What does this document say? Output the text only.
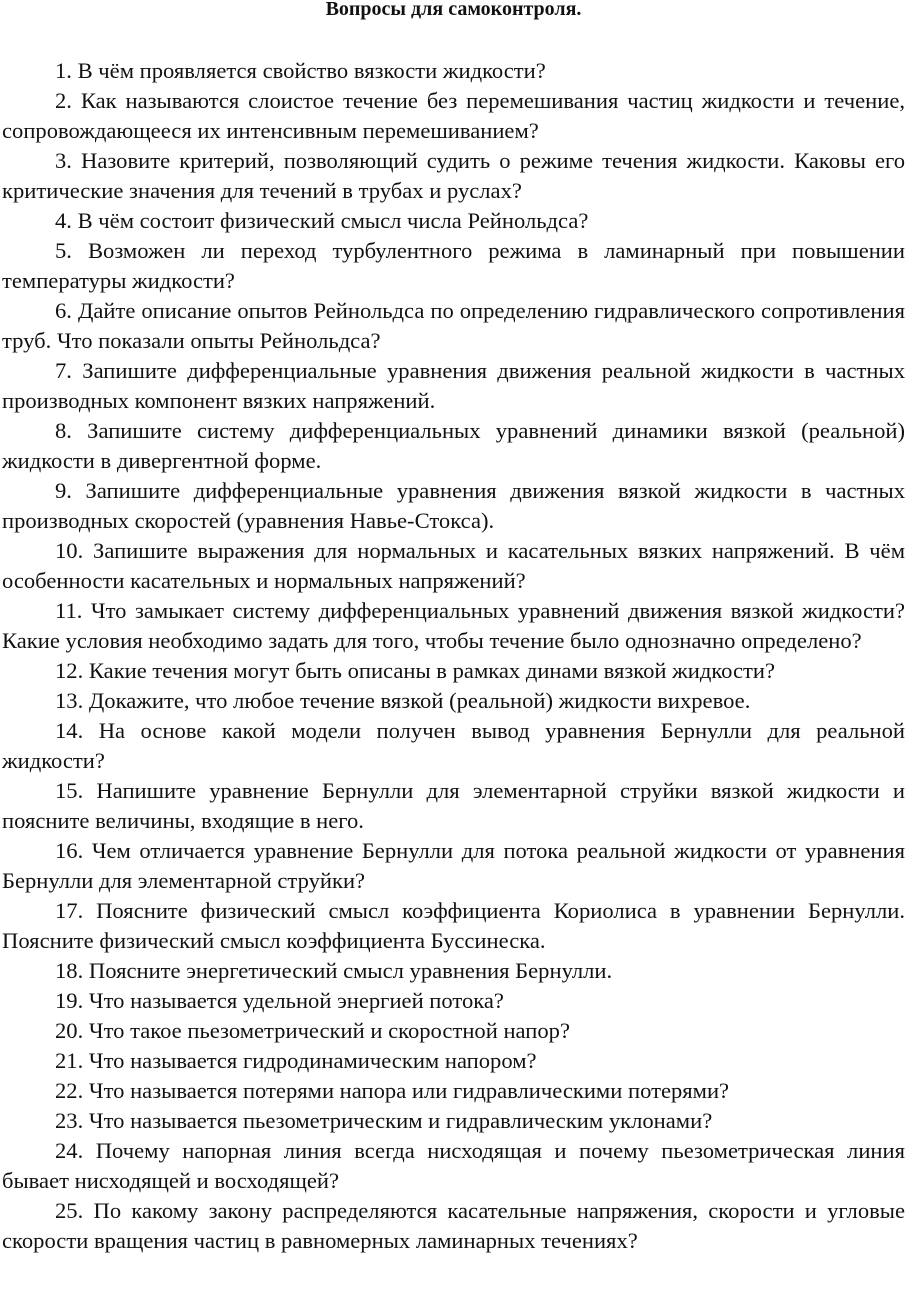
Вопросы для самоконтроля.
1. В чём проявляется свойство вязкости жидкости?
2. Как называются слоистое течение без перемешивания частиц жидкости и течение, сопровождающееся их интенсивным перемешиванием?
3. Назовите критерий, позволяющий судить о режиме течения жидкости. Каковы его критические значения для течений в трубах и руслах?
4. В чём состоит физический смысл числа Рейнольдса?
5. Возможен ли переход турбулентного режима в ламинарный при повышении температуры жидкости?
6. Дайте описание опытов Рейнольдса по определению гидравлического сопротивления труб. Что показали опыты Рейнольдса?
7. Запишите дифференциальные уравнения движения реальной жидкости в частных производных компонент вязких напряжений.
8. Запишите систему дифференциальных уравнений динамики вязкой (реальной) жидкости в дивергентной форме.
9. Запишите дифференциальные уравнения движения вязкой жидкости в частных производных скоростей (уравнения Навье-Стокса).
10. Запишите выражения для нормальных и касательных вязких напряжений. В чём особенности касательных и нормальных напряжений?
11. Что замыкает систему дифференциальных уравнений движения вязкой жидкости? Какие условия необходимо задать для того, чтобы течение было однозначно определено?
12. Какие течения могут быть описаны в рамках динами вязкой жидкости?
13. Докажите, что любое течение вязкой (реальной) жидкости вихревое.
14. На основе какой модели получен вывод уравнения Бернулли для реальной жидкости?
15. Напишите уравнение Бернулли для элементарной струйки вязкой жидкости и поясните величины, входящие в него.
16. Чем отличается уравнение Бернулли для потока реальной жидкости от уравнения Бернулли для элементарной струйки?
17. Поясните физический смысл коэффициента Кориолиса в уравнении Бернулли. Поясните физический смысл коэффициента Буссинеска.
18. Поясните энергетический смысл уравнения Бернулли.
19. Что называется удельной энергией потока?
20. Что такое пьезометрический и скоростной напор?
21. Что называется гидродинамическим напором?
22. Что называется потерями напора или гидравлическими потерями?
23. Что называется пьезометрическим и гидравлическим уклонами?
24. Почему напорная линия всегда нисходящая и почему пьезометрическая линия бывает нисходящей и восходящей?
25. По какому закону распределяются касательные напряжения, скорости и угловые скорости вращения частиц в равномерных ламинарных течениях?
